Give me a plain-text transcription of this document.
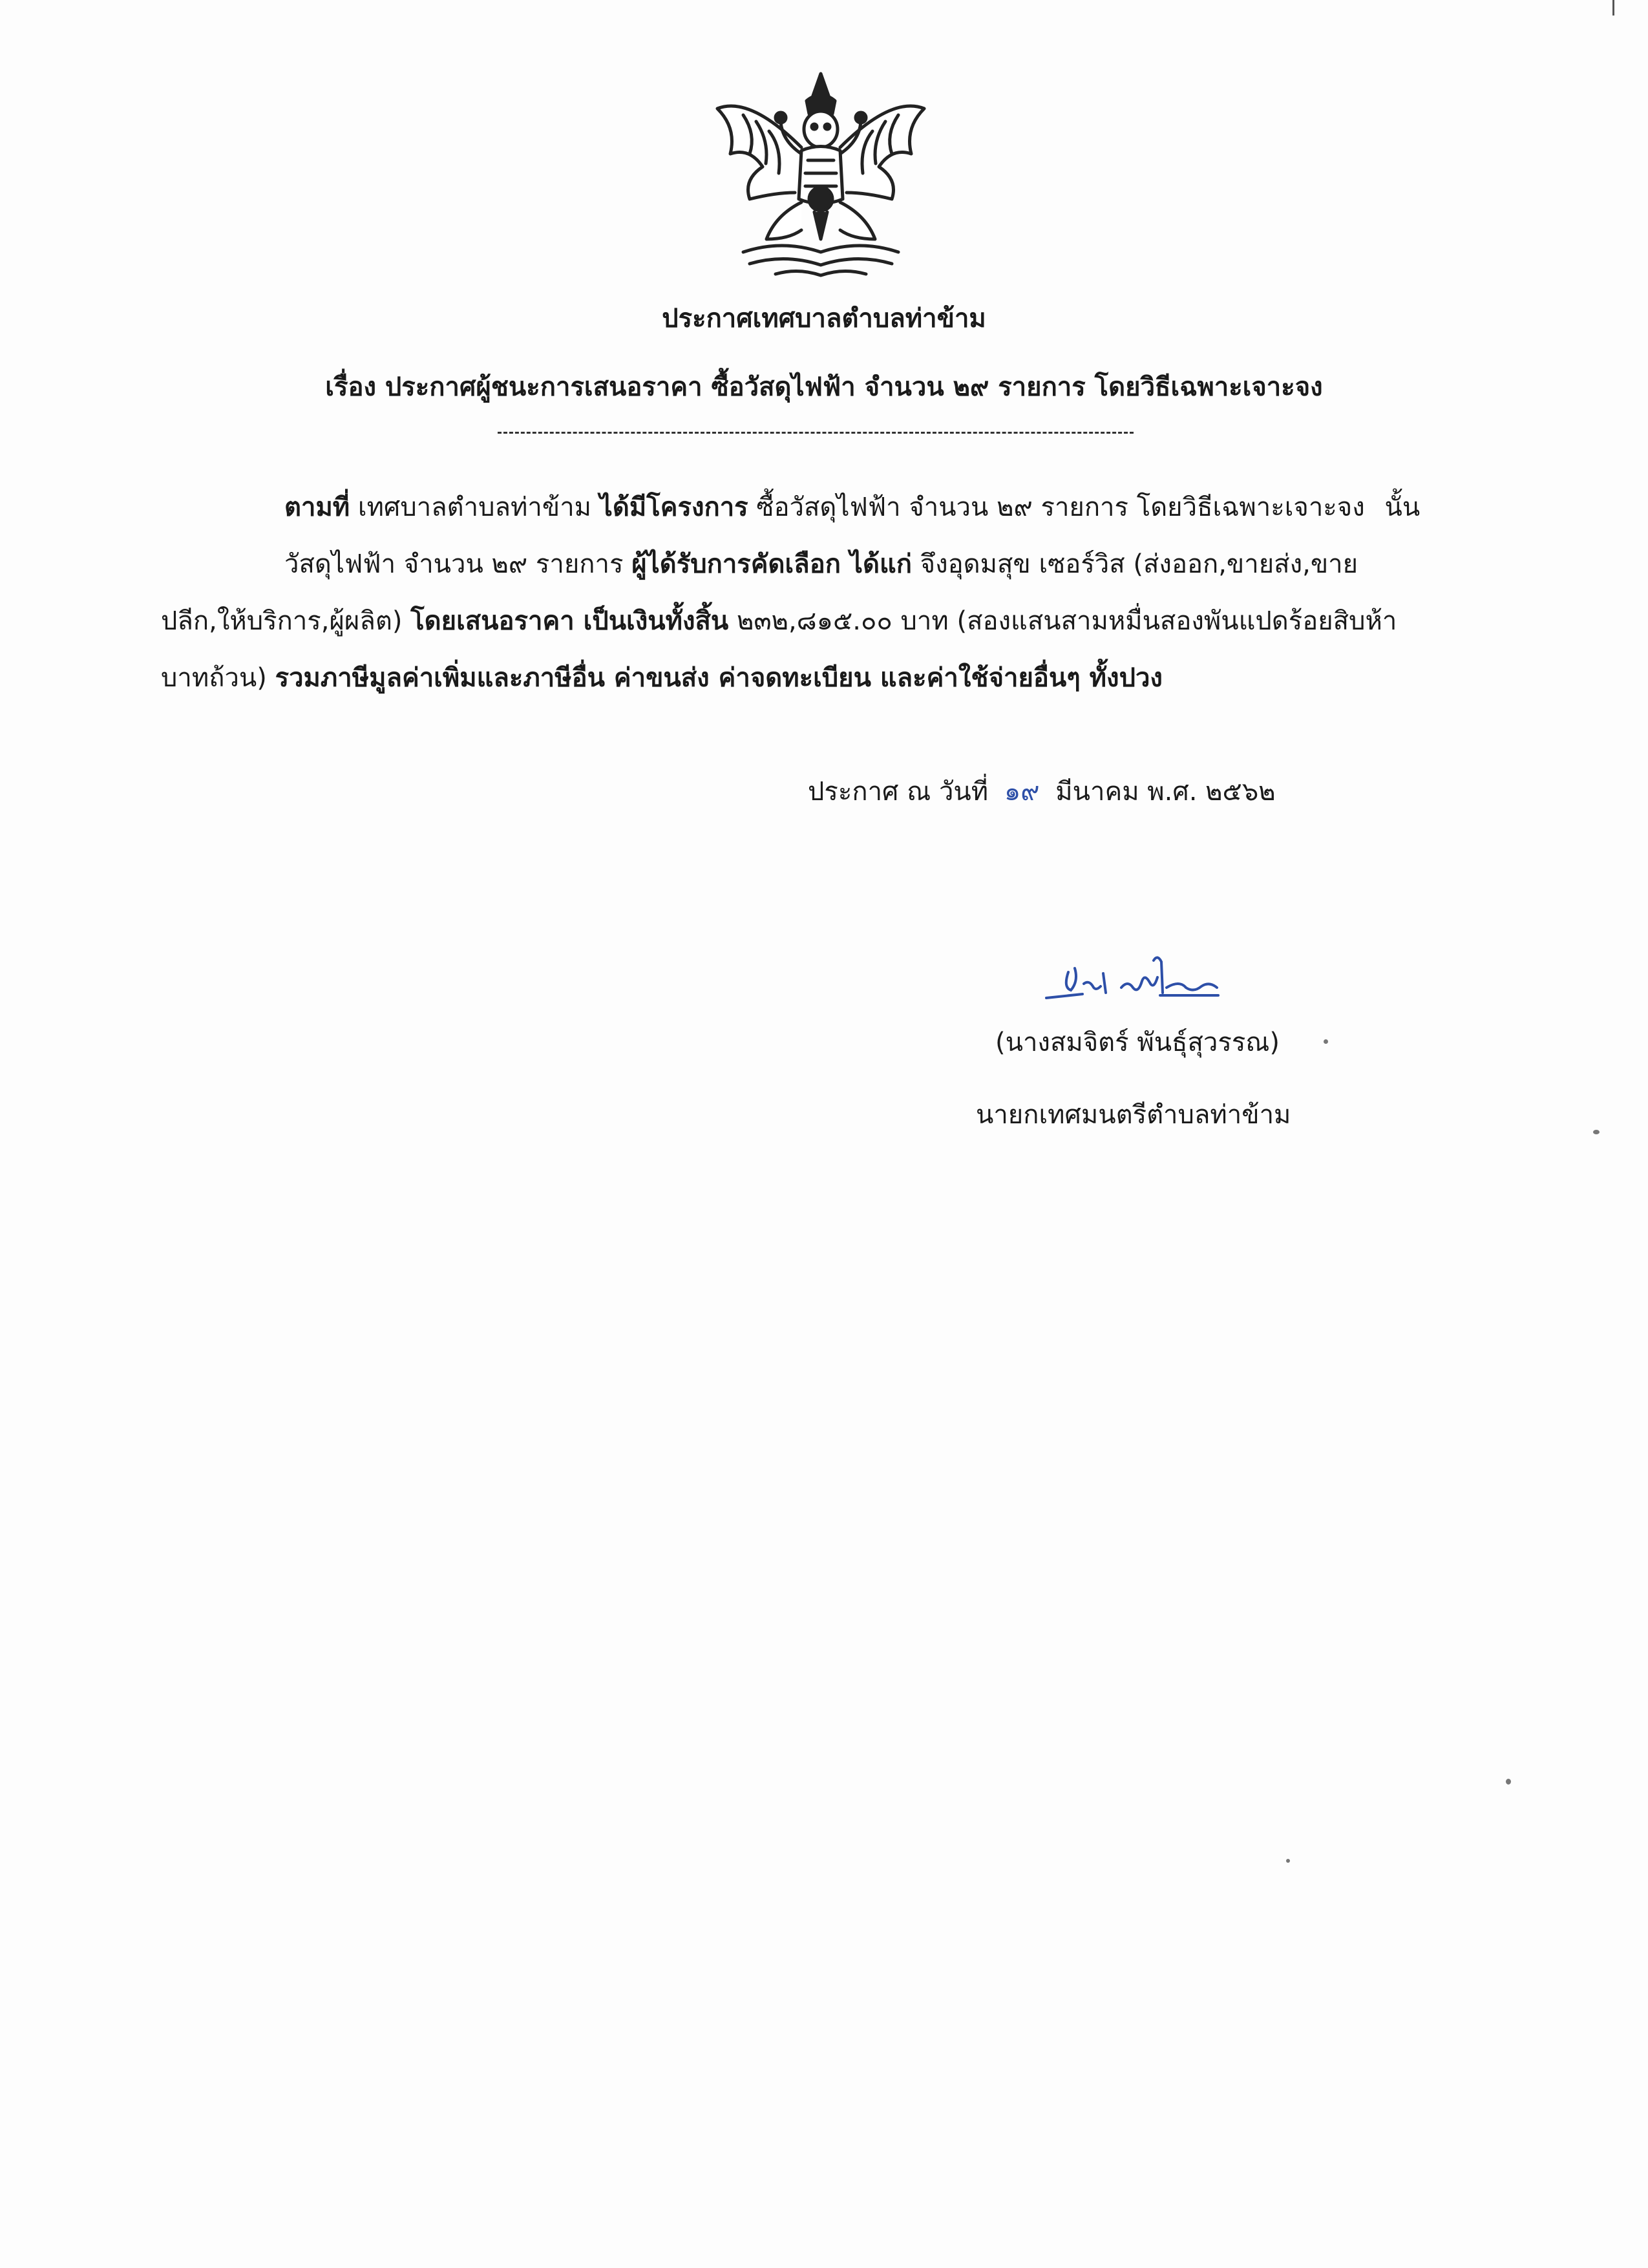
ประกาศเทศบาลตำบลท่าข้าม
เรื่อง ประกาศผู้ชนะการเสนอราคา ซื้อวัสดุไฟฟ้า จำนวน ๒๙ รายการ โดยวิธีเฉพาะเจาะจง
ตามที่ เทศบาลตำบลท่าข้าม ได้มีโครงการ ซื้อวัสดุไฟฟ้า จำนวน ๒๙ รายการ โดยวิธีเฉพาะเจาะจง นั้น
วัสดุไฟฟ้า จำนวน ๒๙ รายการ ผู้ได้รับการคัดเลือก ได้แก่ จึงอุดมสุข เซอร์วิส (ส่งออก,ขายส่ง,ขาย
ปลีก,ให้บริการ,ผู้ผลิต) โดยเสนอราคา เป็นเงินทั้งสิ้น ๒๓๒,๘๑๕.๐๐ บาท (สองแสนสามหมื่นสองพันแปดร้อยสิบห้า
บาทถ้วน) รวมภาษีมูลค่าเพิ่มและภาษีอื่น ค่าขนส่ง ค่าจดทะเบียน และค่าใช้จ่ายอื่นๆ ทั้งปวง
ประกาศ ณ วันที่ ๑๙ มีนาคม พ.ศ. ๒๕๖๒
(นางสมจิตร์ พันธุ์สุวรรณ)
นายกเทศมนตรีตำบลท่าข้าม
